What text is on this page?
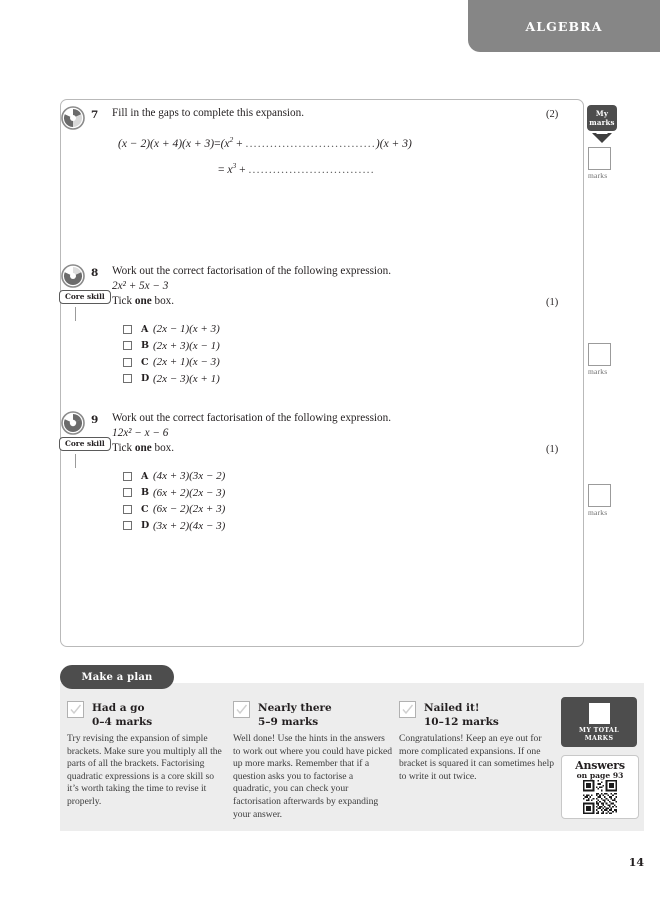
ALGEBRA
7 Fill in the gaps to complete this expansion.
$(x - 2)(x + 4)(x + 3)=(x^2 + ................................)(x + 3)$
= $x^3$ + ...............................
(2)
8
Core skill
Work out the correct factorisation of the following expression.
2x² + 5x − 3
Tick one box.	(1)
A (2x − 1)(x + 3)
B (2x + 3)(x − 1)
C (2x + 1)(x − 3)
D (2x − 3)(x + 1)
9
Core skill
Work out the correct factorisation of the following expression.
12x² − x − 6
Tick one box.	(1)
A (4x + 3)(3x − 2)
B (6x + 2)(2x − 3)
C (6x − 2)(2x + 3)
D (3x + 2)(4x − 3)
My
marks
marks
marks
marks
Make a plan
Had a go
0–4 marks
Try revising the expansion of simple brackets. Make sure you multiply all the parts of all the brackets. Factorising quadratic expressions is a core skill so it’s worth taking the time to revise it properly.
Nearly there
5–9 marks
Well done! Use the hints in the answers to work out where you could have picked up more marks. Remember that if a question asks you to factorise a quadratic, you can check your factorisation afterwards by expanding your answer.
Nailed it!
10–12 marks
Congratulations! Keep an eye out for more complicated expansions. If one bracket is squared it can sometimes help to write it out twice.
MY TOTAL
MARKS
Answers
on page 93
14
